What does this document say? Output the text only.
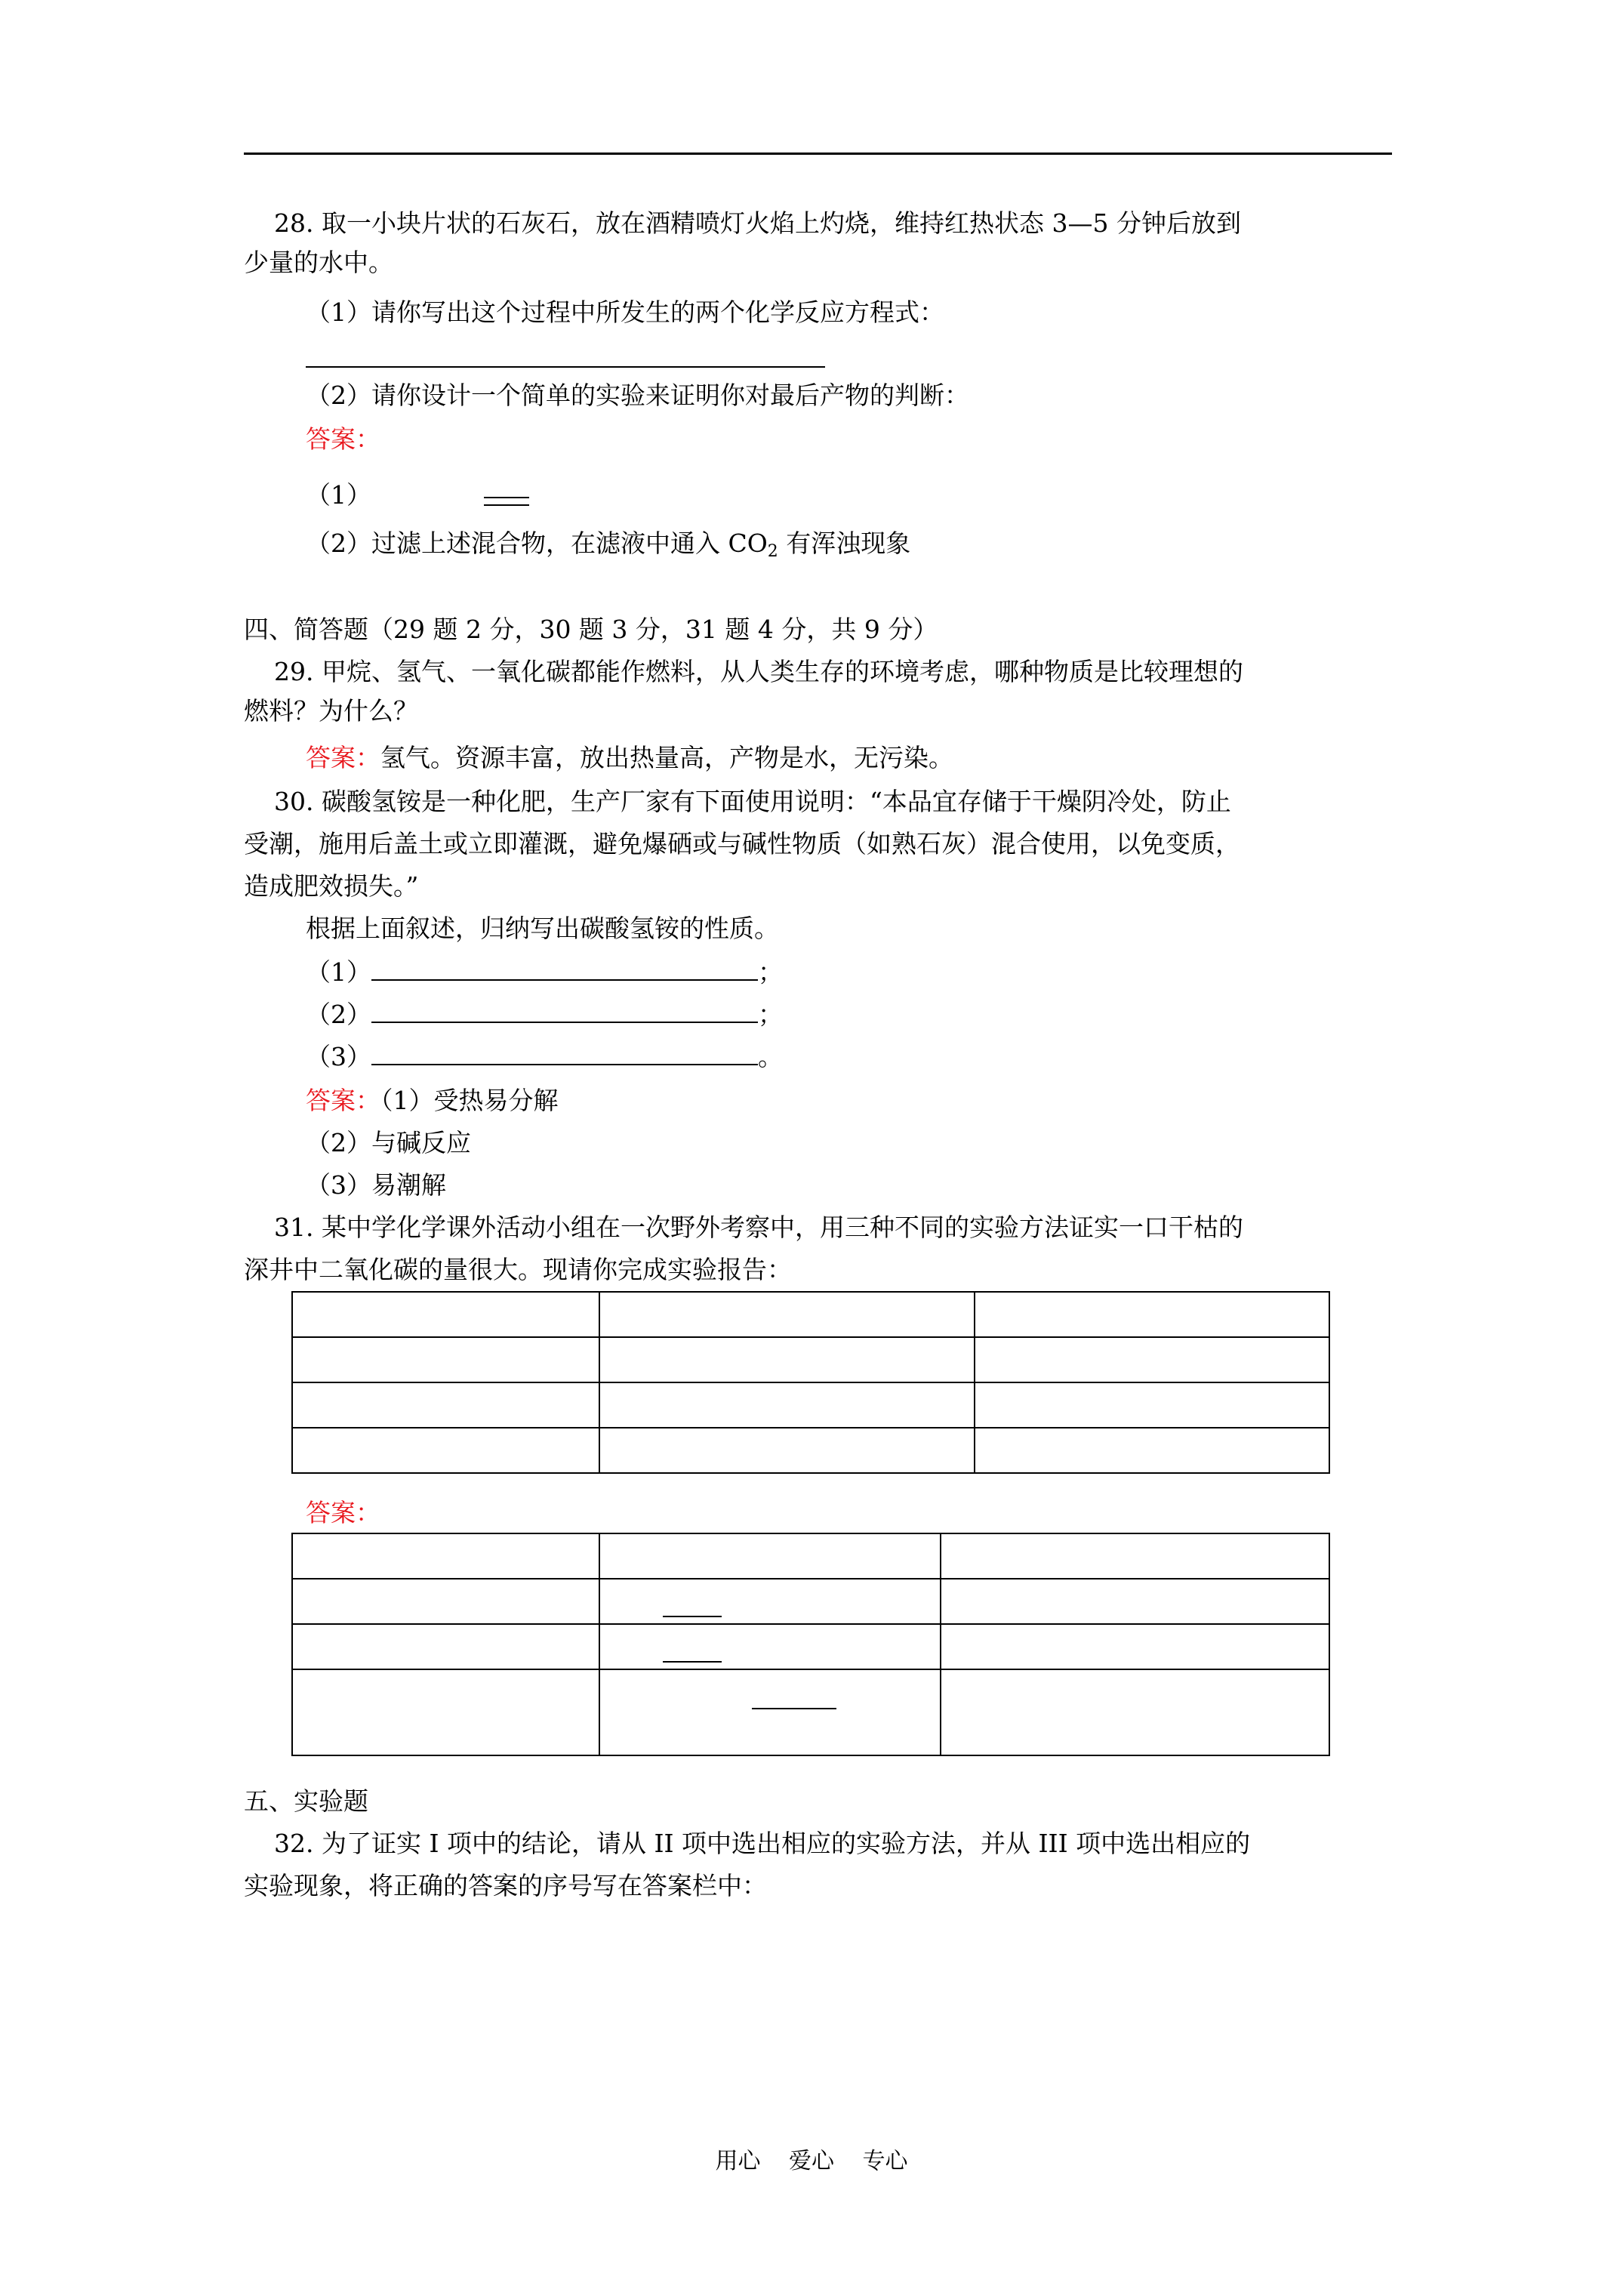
28. 取一小块片状的石灰石，放在酒精喷灯火焰上灼烧，维持红热状态 3—5 分钟后放到
少量的水中。
（1）请你写出这个过程中所发生的两个化学反应方程式：
（2）请你设计一个简单的实验来证明你对最后产物的判断：
答案：
（1）
（2）过滤上述混合物，在滤液中通入 $CO_2$ 有浑浊现象
四、简答题（29 题 2 分，30 题 3 分，31 题 4 分，共 9 分）
29. 甲烷、氢气、一氧化碳都能作燃料，从人类生存的环境考虑，哪种物质是比较理想的
燃料？为什么？
答案：氢气。资源丰富，放出热量高，产物是水，无污染。
30. 碳酸氢铵是一种化肥，生产厂家有下面使用说明：“本品宜存储于干燥阴冷处，防止
受潮，施用后盖土或立即灌溉，避免爆硒或与碱性物质（如熟石灰）混合使用，以免变质，
造成肥效损失。”
根据上面叙述，归纳写出碳酸氢铵的性质。
（1）	；
（2）	；
（3）	。
答案：（1）受热易分解
（2）与碱反应
（3）易潮解
31. 某中学化学课外活动小组在一次野外考察中，用三种不同的实验方法证实一口干枯的
深井中二氧化碳的量很大。现请你完成实验报告：

答案：

五、实验题
32. 为了证实 I 项中的结论，请从 II 项中选出相应的实验方法，并从 III 项中选出相应的
实验现象，将正确的答案的序号写在答案栏中：
用心 爱心 专心
